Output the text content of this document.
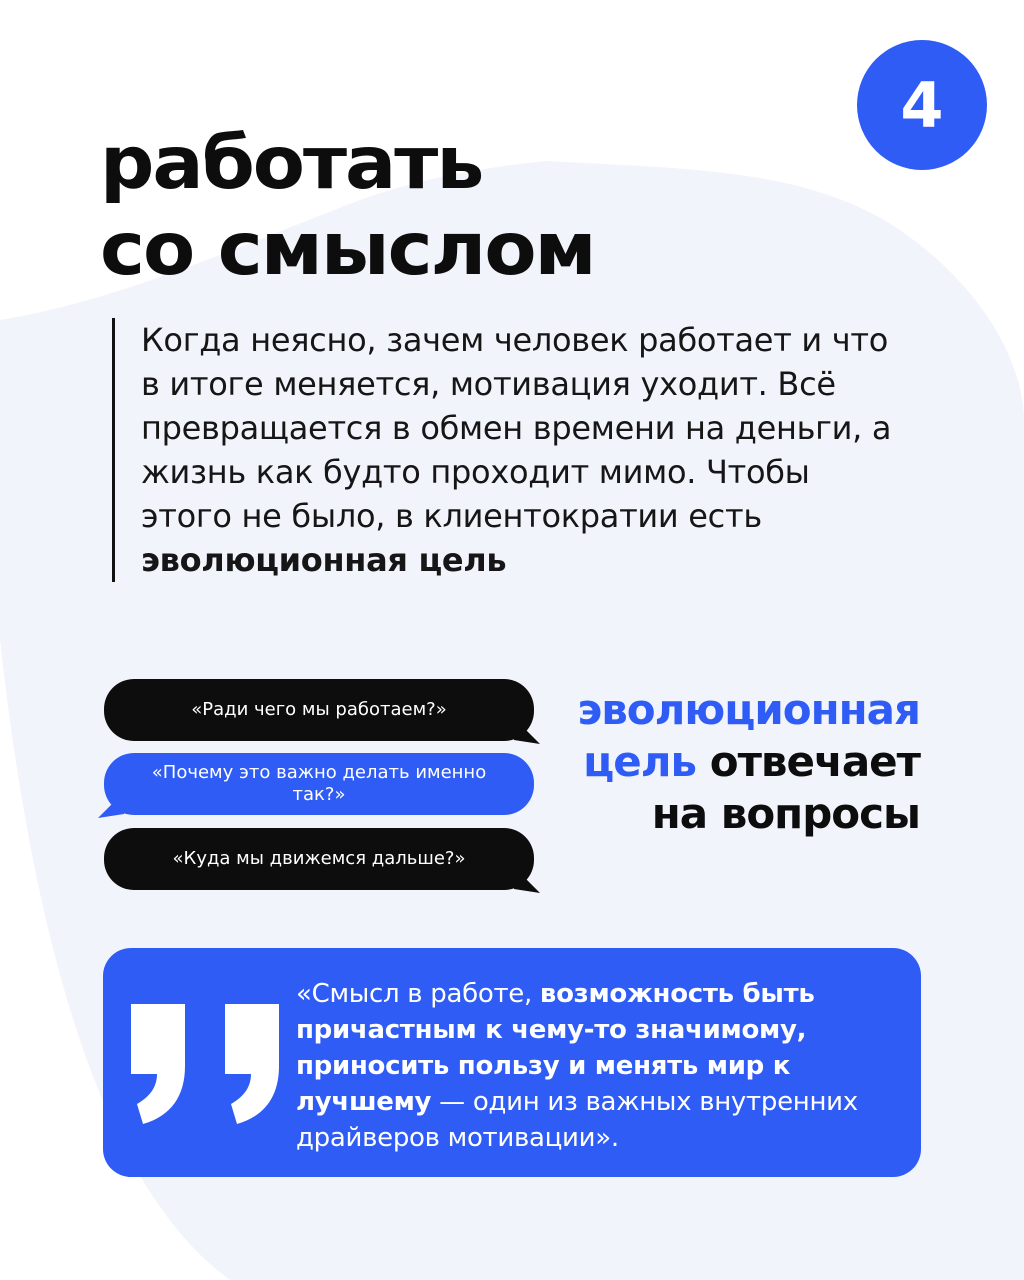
4
работать
со смыслом

Когда неясно, зачем человек работает и что в итоге меняется, мотивация уходит. Всё превращается в обмен времени на деньги, а жизнь как будто проходит мимо. Чтобы этого не было, в клиентократии есть эволюционная цель

«Ради чего мы работаем?»
«Почему это важно делать именно так?»
«Куда мы движемся дальше?»
эволюционная цель отвечает
на вопросы
«Смысл в работе, возможность быть причастным к чему-то значимому, приносить пользу и менять мир к лучшему — один из важных внутренних драйверов мотивации».
